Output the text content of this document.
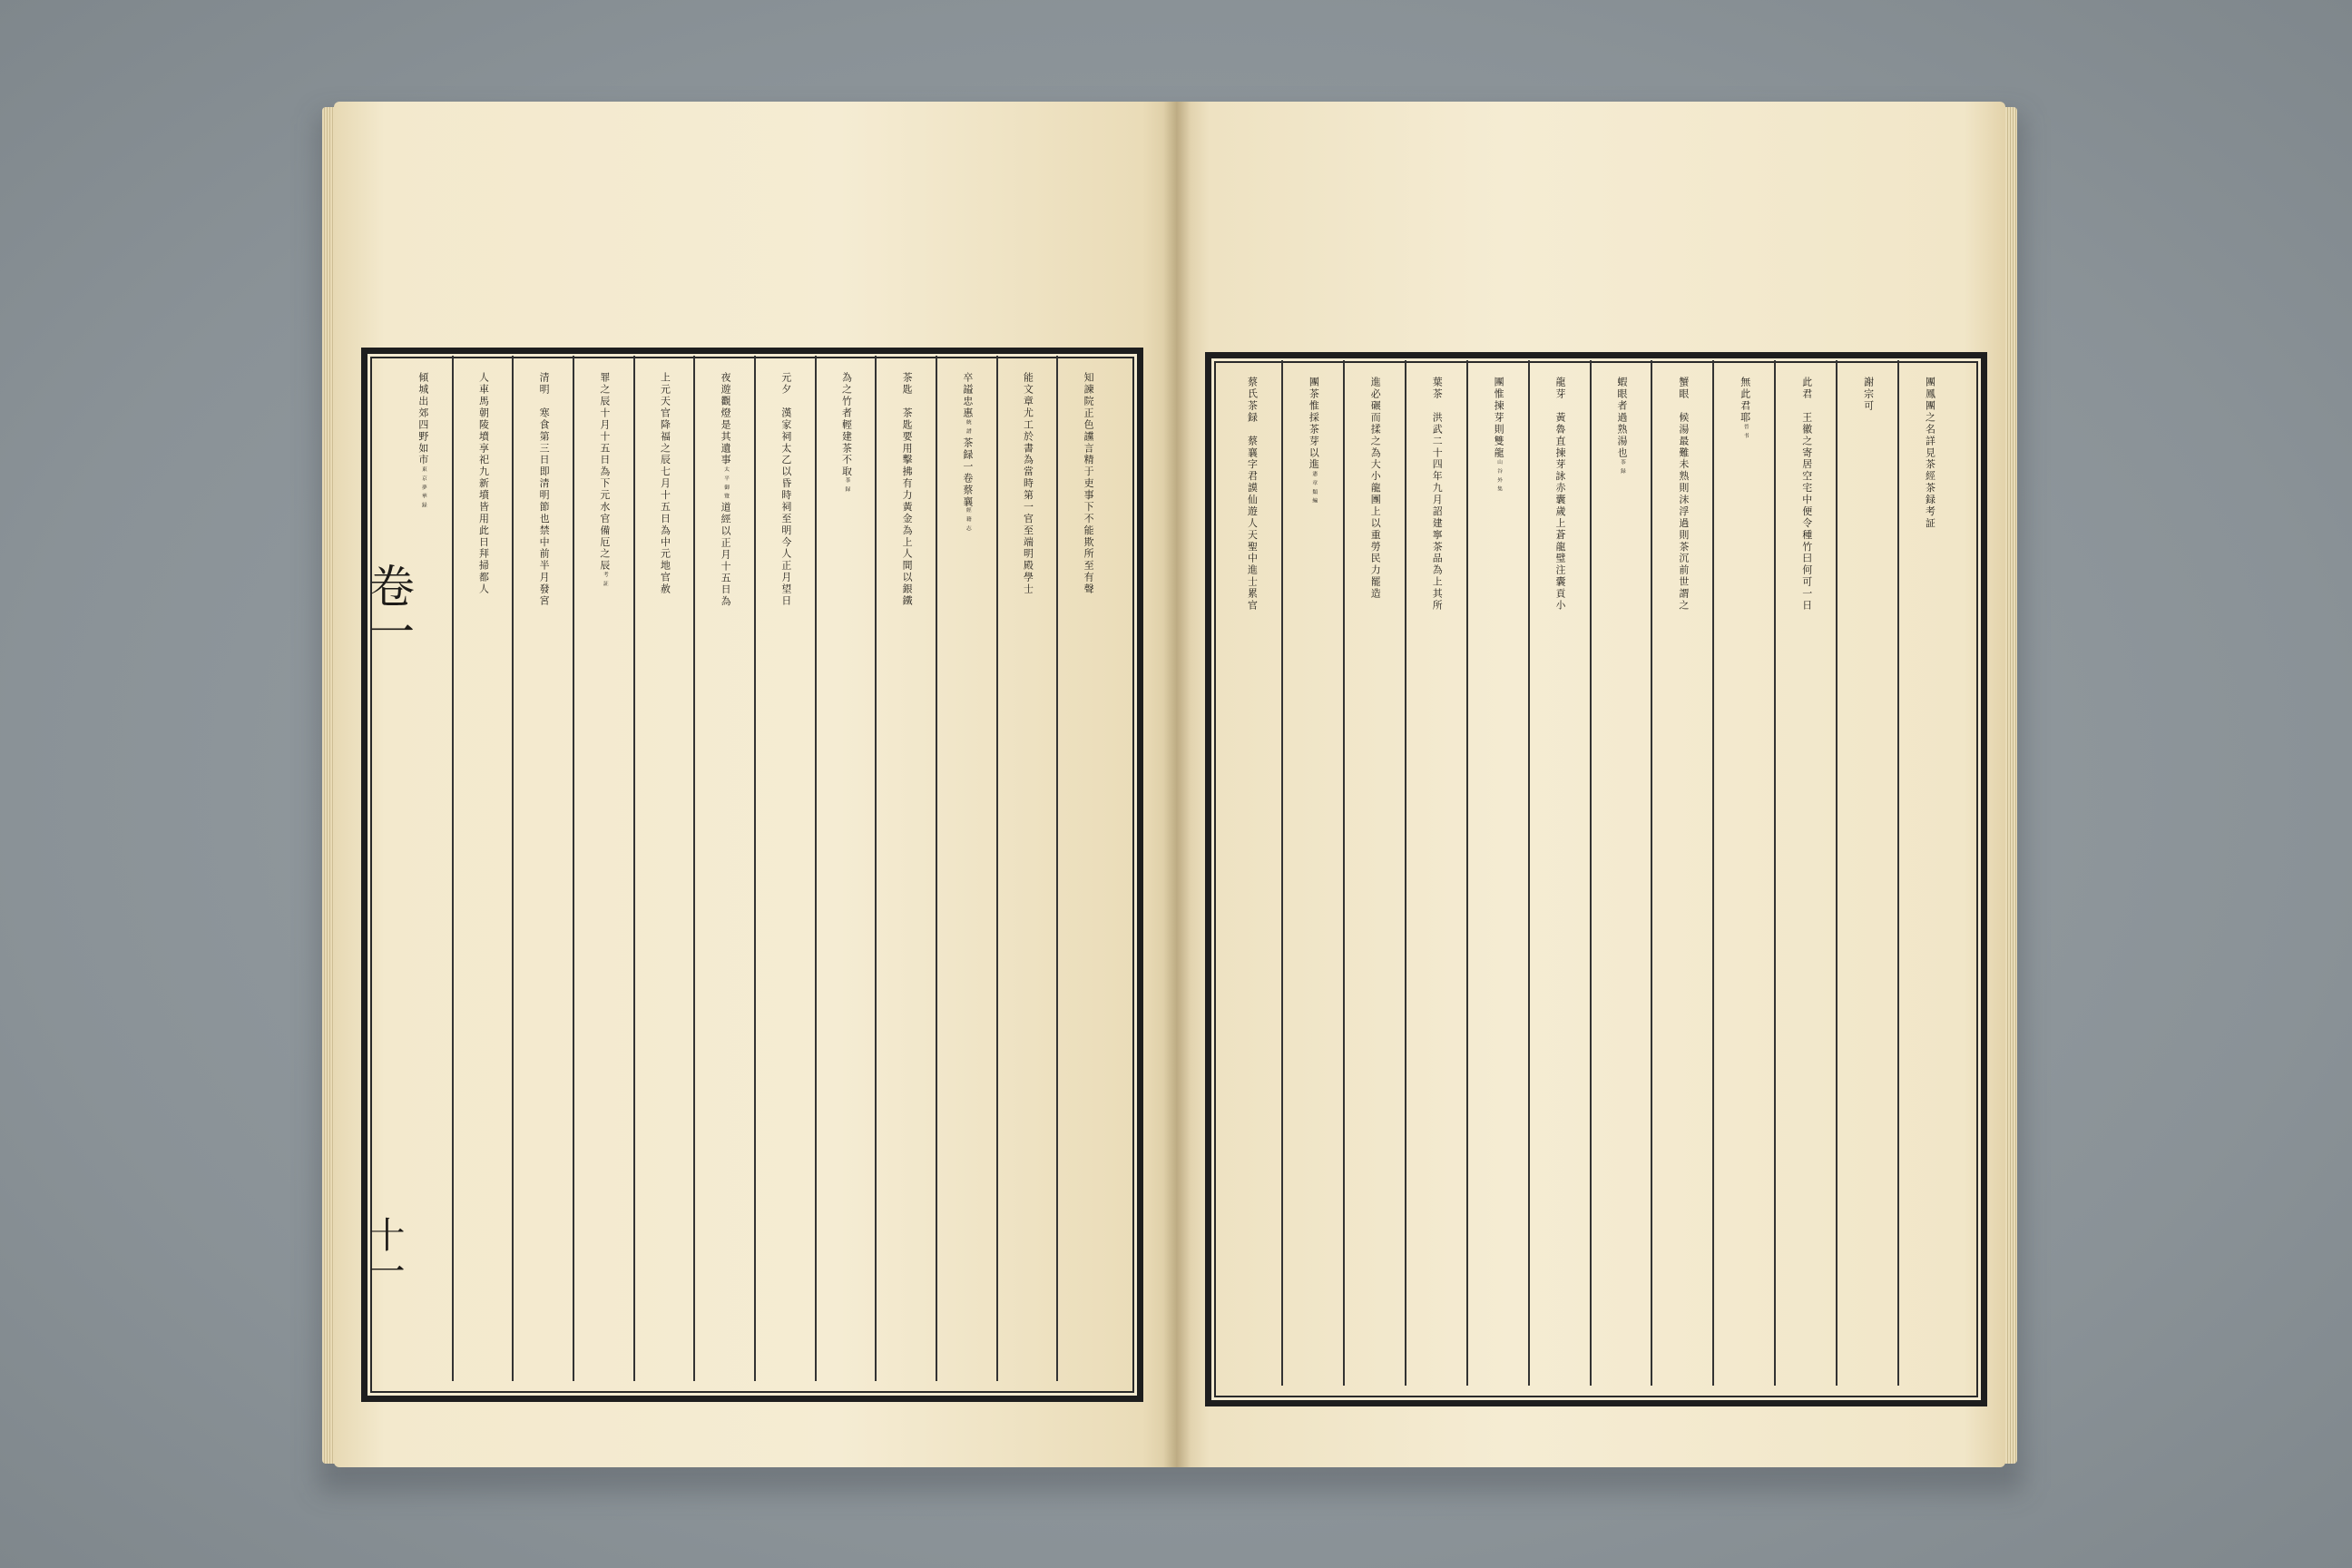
卷一
十一
知諫院正色讜言精于吏事下不能欺所至有聲
能文章尤工於書為當時第一官至端明殿學士
卒謚忠惠
統譜
茶録一卷蔡襄
經籍志
茶匙　茶匙要用擊拂有力黃金為上人間以銀鐵
為之竹者輕建茶不取
茶録
元夕　漢家祠太乙以昏時祠至明今人正月望日
夜遊觀燈是其遺事
太平御覽
道經以正月十五日為
上元天官降福之辰七月十五日為中元地官赦
罪之辰十月十五日為下元水官備厄之辰
考証
清明　寒食第三日即清明節也禁中前半月發宮
人車馬朝陵墳享祀九新墳皆用此日拜掃都人
傾城出郊四野如市
東京夢華録	團鳳團之名詳見茶經茶録考証
謝宗可
此君　王徽之寄居空宅中便令種竹曰何可一日
無此君耶
晉书
蟹眼　候湯最難未熟則沫浮過則茶沉前世謂之
蝦眼者過熟湯也
茶録
龍芽　黃魯直揀芽詠赤囊歲上蒼龍璧注囊貢小
團惟揀芽則雙龍
山谷外集
葉茶　洪武二十四年九月詔建寧茶品為上其所
進必碾而揉之為大小龍團上以重勞民力罷造
團茶惟採茶芽以進
憲章類編
蔡氏茶録　蔡襄字君謨仙遊人天聖中進士累官
